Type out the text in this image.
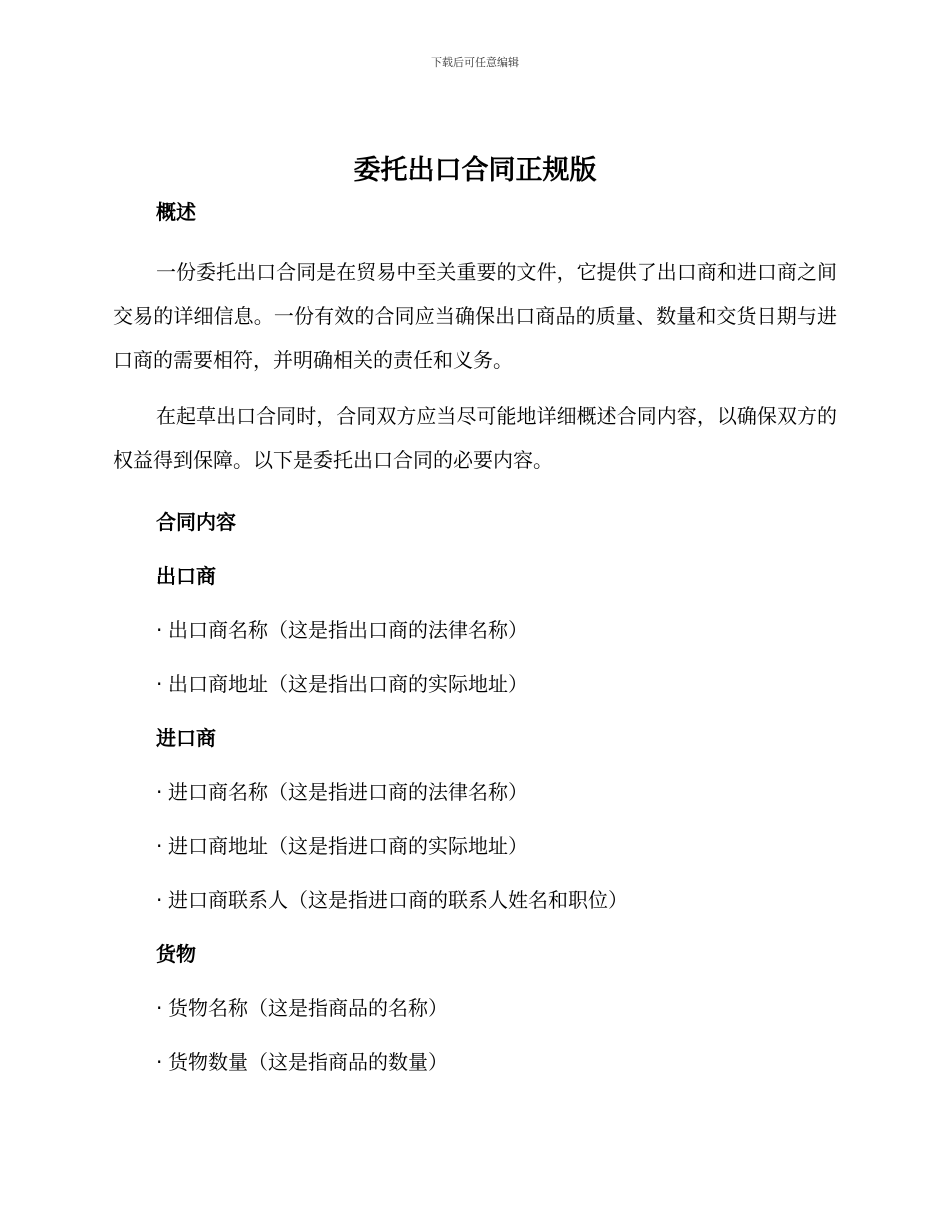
下载后可任意编辑
委托出口合同正规版

概述

一份委托出口合同是在贸易中至关重要的文件，它提供了出口商和进口商之间交易的详细信息。一份有效的合同应当确保出口商品的质量、数量和交货日期与进口商的需要相符，并明确相关的责任和义务。

在起草出口合同时，合同双方应当尽可能地详细概述合同内容，以确保双方的权益得到保障。以下是委托出口合同的必要内容。

合同内容

出口商

· 出口商名称（这是指出口商的法律名称）

· 出口商地址（这是指出口商的实际地址）

进口商

· 进口商名称（这是指进口商的法律名称）

· 进口商地址（这是指进口商的实际地址）

· 进口商联系人（这是指进口商的联系人姓名和职位）

货物

· 货物名称（这是指商品的名称）

· 货物数量（这是指商品的数量）
